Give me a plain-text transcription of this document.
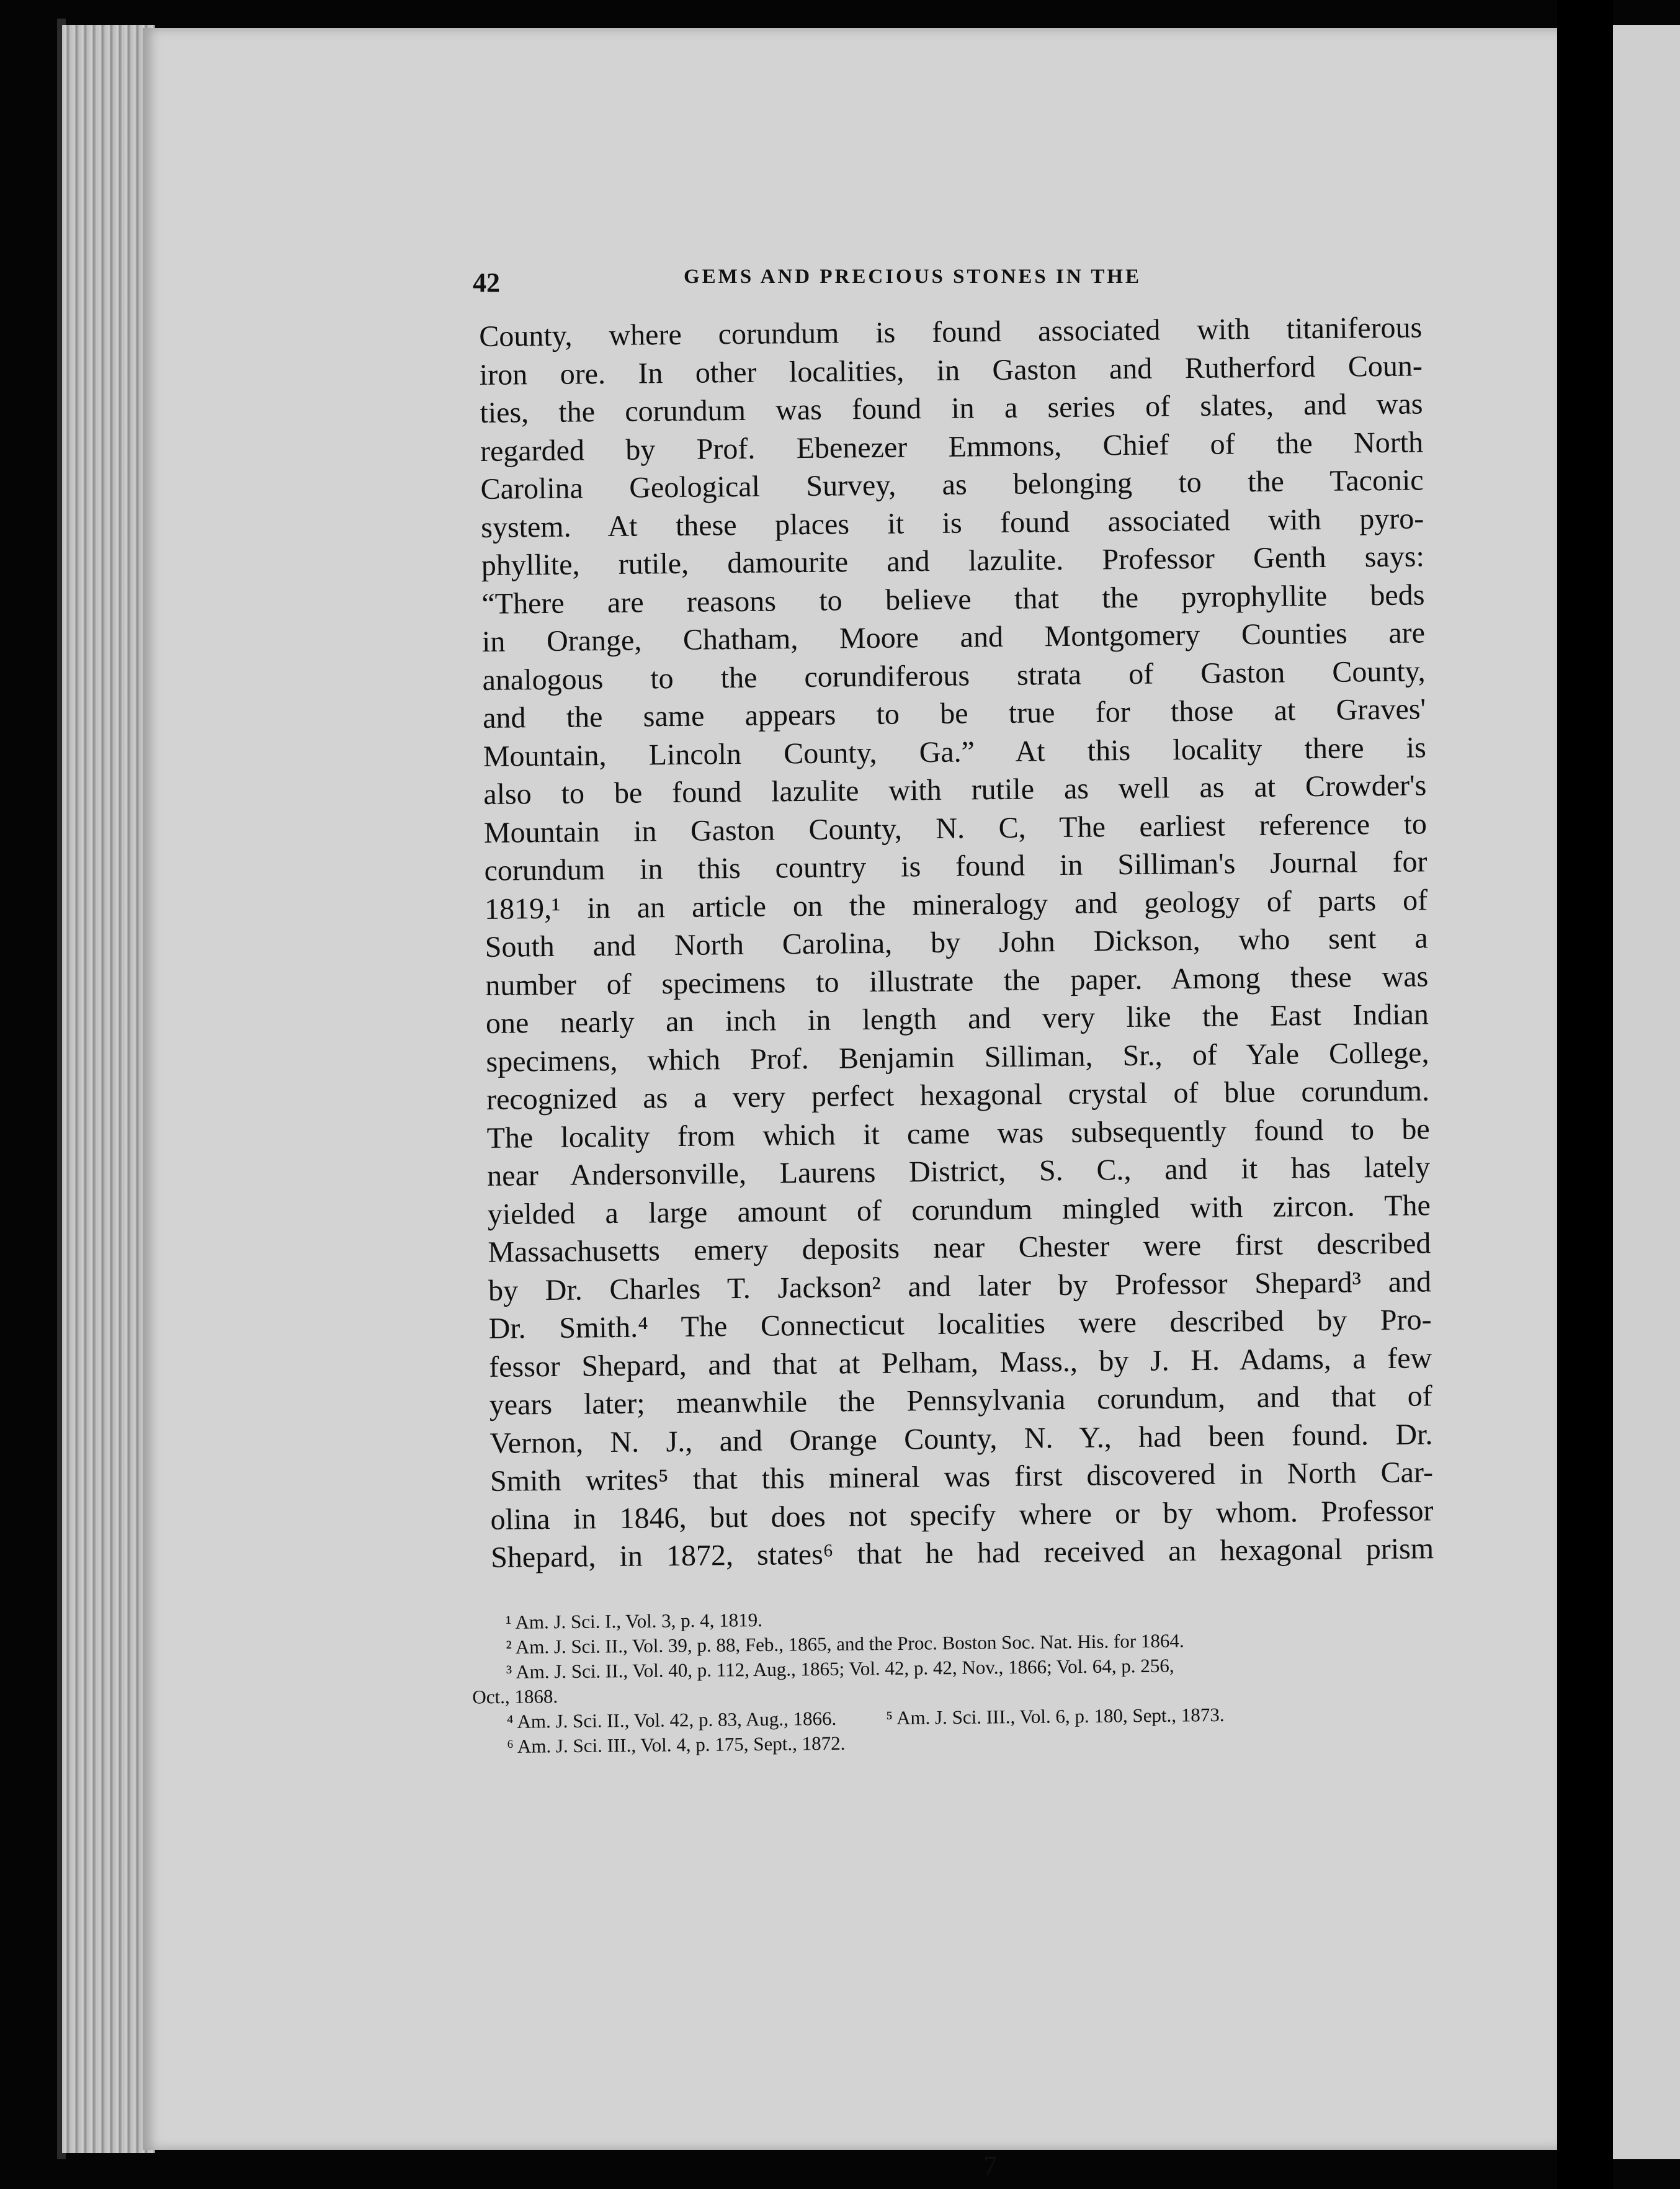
42	GEMS AND PRECIOUS STONES IN THE
County, where corundum is found associated with titaniferous
iron ore. In other localities, in Gaston and Rutherford Coun-
ties, the corundum was found in a series of slates, and was
regarded by Prof. Ebenezer Emmons, Chief of the North
Carolina Geological Survey, as belonging to the Taconic
system. At these places it is found associated with pyro-
phyllite, rutile, damourite and lazulite. Professor Genth says:
“There are reasons to believe that the pyrophyllite beds
in Orange, Chatham, Moore and Montgomery Counties are
analogous to the corundiferous strata of Gaston County,
and the same appears to be true for those at Graves'
Mountain, Lincoln County, Ga.” At this locality there is
also to be found lazulite with rutile as well as at Crowder's
Mountain in Gaston County, N. C, The earliest reference to
corundum in this country is found in Silliman's Journal for
1819,¹ in an article on the mineralogy and geology of parts of
South and North Carolina, by John Dickson, who sent a
number of specimens to illustrate the paper. Among these was
one nearly an inch in length and very like the East Indian
specimens, which Prof. Benjamin Silliman, Sr., of Yale College,
recognized as a very perfect hexagonal crystal of blue corundum.
The locality from which it came was subsequently found to be
near Andersonville, Laurens District, S. C., and it has lately
yielded a large amount of corundum mingled with zircon. The
Massachusetts emery deposits near Chester were first described
by Dr. Charles T. Jackson² and later by Professor Shepard³ and
Dr. Smith.⁴ The Connecticut localities were described by Pro-
fessor Shepard, and that at Pelham, Mass., by J. H. Adams, a few
years later; meanwhile the Pennsylvania corundum, and that of
Vernon, N. J., and Orange County, N. Y., had been found. Dr.
Smith writes⁵ that this mineral was first discovered in North Car-
olina in 1846, but does not specify where or by whom. Professor
Shepard, in 1872, states⁶ that he had received an hexagonal prism
¹ Am. J. Sci. I., Vol. 3, p. 4, 1819.
² Am. J. Sci. II., Vol. 39, p. 88, Feb., 1865, and the Proc. Boston Soc. Nat. His. for 1864.
³ Am. J. Sci. II., Vol. 40, p. 112, Aug., 1865; Vol. 42, p. 42, Nov., 1866; Vol. 64, p. 256,
Oct., 1868.
⁴ Am. J. Sci. II., Vol. 42, p. 83, Aug., 1866.	⁵ Am. J. Sci. III., Vol. 6, p. 180, Sept., 1873.
⁶ Am. J. Sci. III., Vol. 4, p. 175, Sept., 1872.
7
